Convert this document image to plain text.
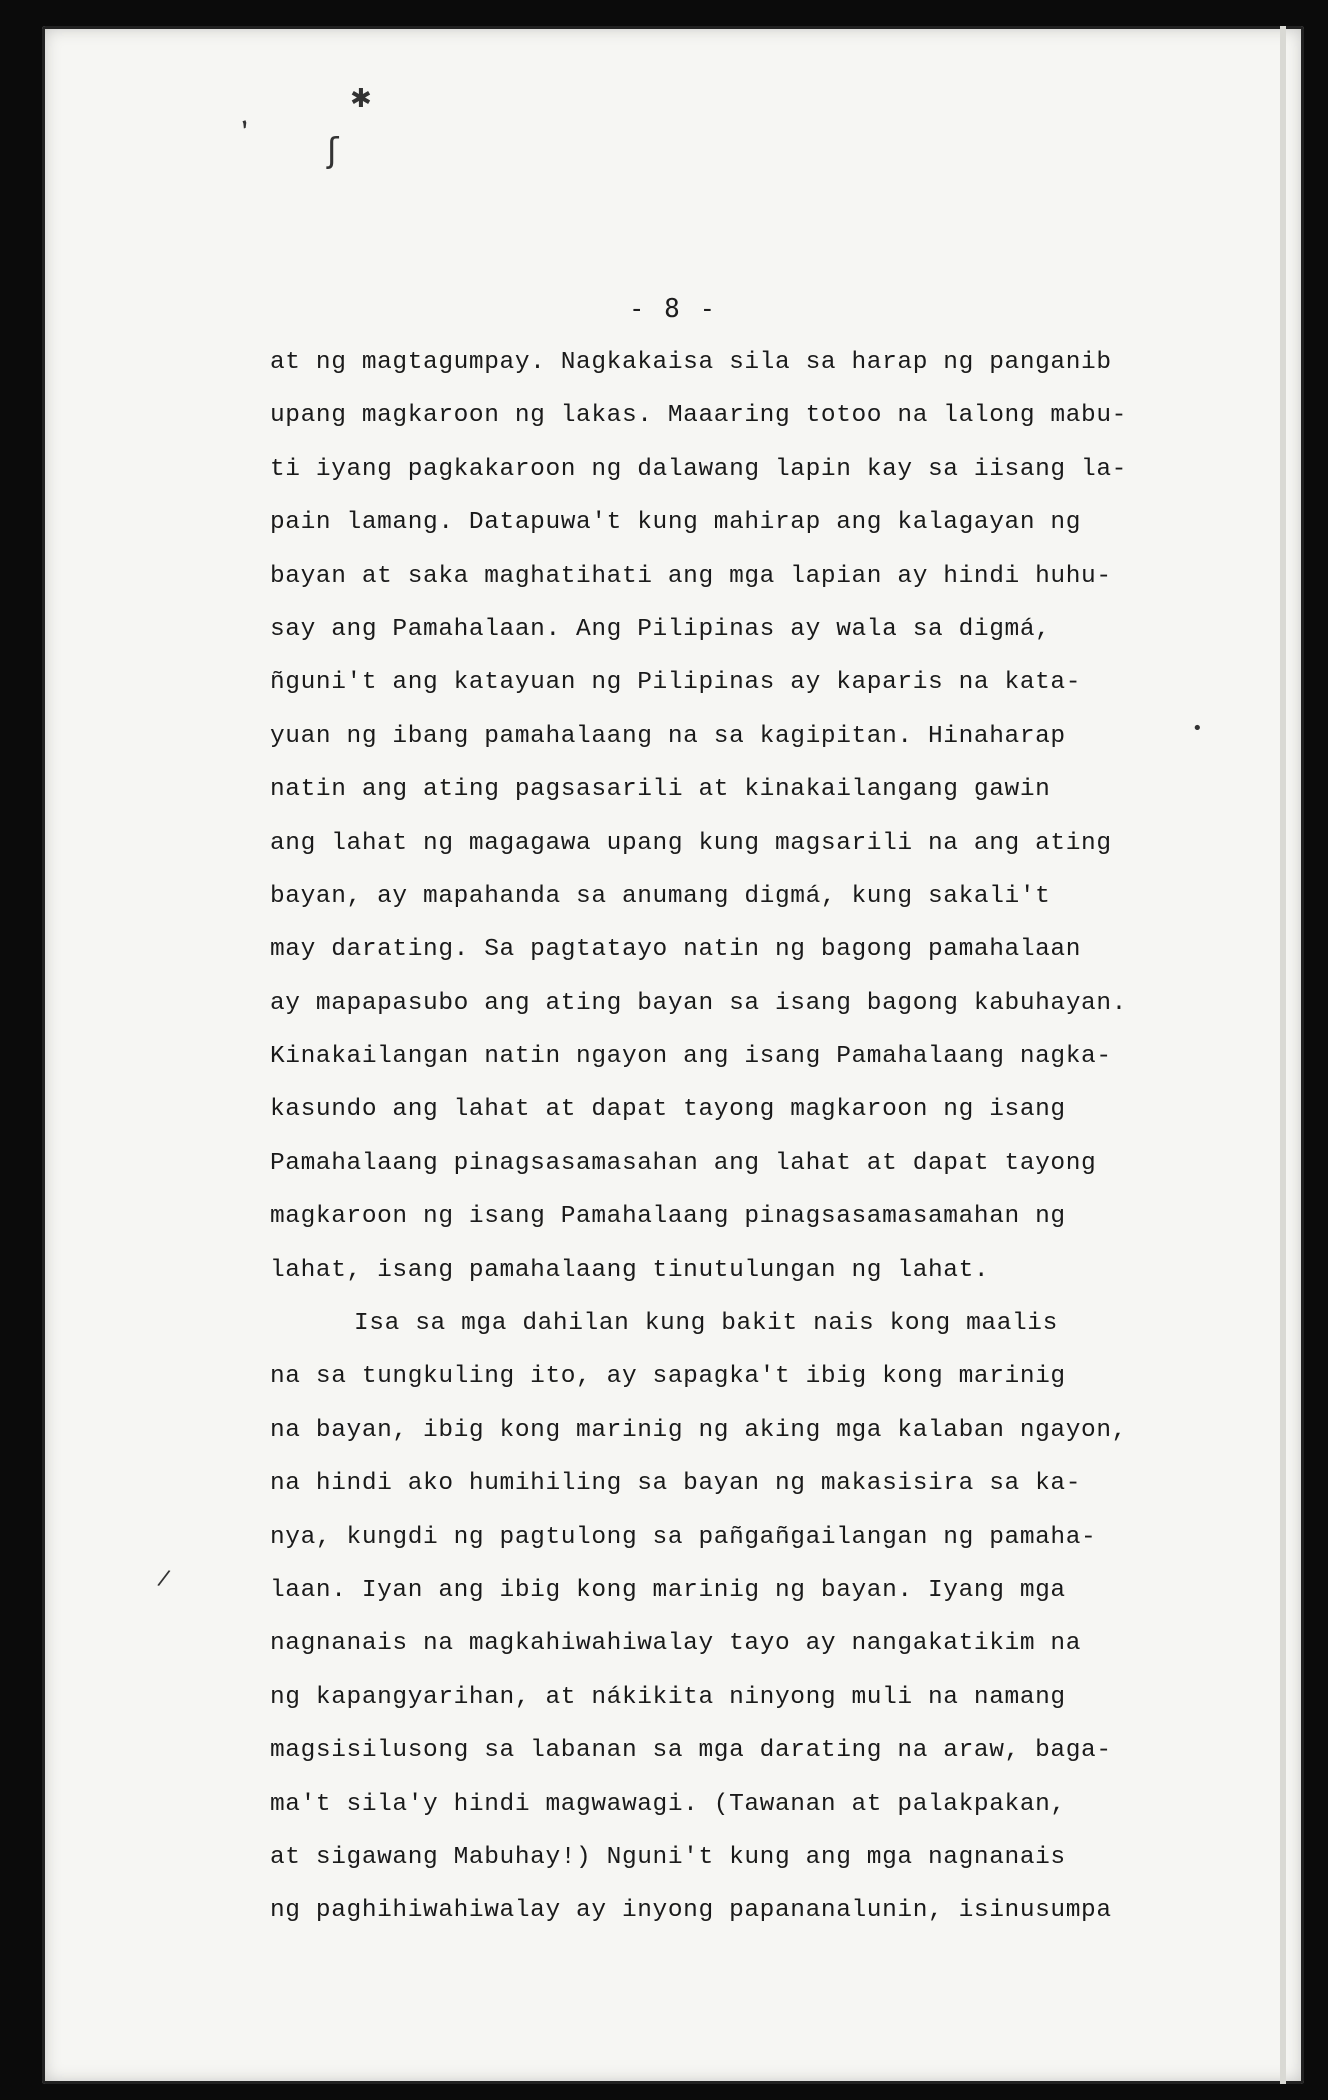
,
ʃ
✱
•
/
- 8 -
at ng magtagumpay. Nagkakaisa sila sa harap ng panganib
upang magkaroon ng lakas. Maaaring totoo na lalong mabu-
ti iyang pagkakaroon ng dalawang lapin kay sa iisang la-
pain lamang. Datapuwa't kung mahirap ang kalagayan ng
bayan at saka maghatihati ang mga lapian ay hindi huhu-
say ang Pamahalaan. Ang Pilipinas ay wala sa digmá,
ñguni't ang katayuan ng Pilipinas ay kaparis na kata-
yuan ng ibang pamahalaang na sa kagipitan. Hinaharap
natin ang ating pagsasarili at kinakailangang gawin
ang lahat ng magagawa upang kung magsarili na ang ating
bayan, ay mapahanda sa anumang digmá, kung sakali't
may darating. Sa pagtatayo natin ng bagong pamahalaan
ay mapapasubo ang ating bayan sa isang bagong kabuhayan.
Kinakailangan natin ngayon ang isang Pamahalaang nagka-
kasundo ang lahat at dapat tayong magkaroon ng isang
Pamahalaang pinagsasamasahan ang lahat at dapat tayong
magkaroon ng isang Pamahalaang pinagsasamasamahan ng
lahat, isang pamahalaang tinutulungan ng lahat.
Isa sa mga dahilan kung bakit nais kong maalis
na sa tungkuling ito, ay sapagka't ibig kong marinig
na bayan, ibig kong marinig ng aking mga kalaban ngayon,
na hindi ako humihiling sa bayan ng makasisira sa ka-
nya, kungdi ng pagtulong sa pañgañgailangan ng pamaha-
laan. Iyan ang ibig kong marinig ng bayan. Iyang mga
nagnanais na magkahiwahiwalay tayo ay nangakatikim na
ng kapangyarihan, at nákikita ninyong muli na namang
magsisilusong sa labanan sa mga darating na araw, baga-
ma't sila'y hindi magwawagi. (Tawanan at palakpakan,
at sigawang Mabuhay!) Nguni't kung ang mga nagnanais
ng paghihiwahiwalay ay inyong papananalunin, isinusumpa
